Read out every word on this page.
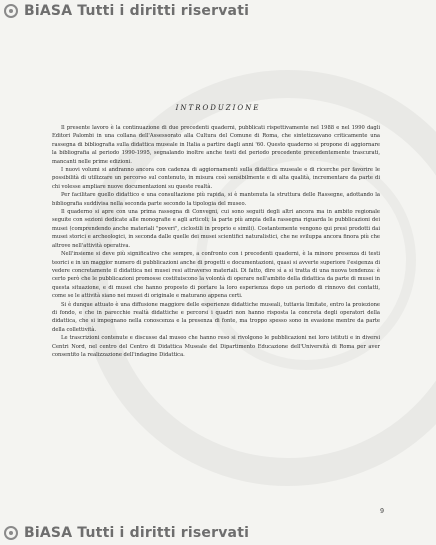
BiASA Tutti i diritti riservati
INTRODUZIONE

Il presente lavoro è la continuazione di due precedenti quaderni, pubblicati rispettivamente nel 1988 e nel 1990 dagli Editori Palombi in una collana dell'Assessorato alla Cultura del Comune di Roma, che sintetizzavano criticamente una rassegna di bibliografia sulla didattica museale in Italia a partire dagli anni '60. Questo quaderno si propone di aggiornare la bibliografia al periodo 1990-1995, segnalando inoltre anche testi del periodo precedente precedentemente trascurati, mancanti nelle prime edizioni.

I nuovi volumi si andranno ancora con cadenza di aggiornamenti sulla didattica museale e di ricerche per favorire le possibilità di utilizzare un percorso sul contenuto, in misura così sensibilmente e di alta qualità, incrementare da parte di chi volesse ampliare nuove documentazioni su queste realtà.

Per facilitare quello didattico e una consultazione più rapida, si è mantenuta la struttura delle Rassegne, adottando la bibliografia suddivisa nella seconda parte secondo la tipologia del museo.

Il quaderno si apre con una prima rassegna di Convegni, cui sono seguiti degli altri ancora ma in ambito regionale seguite con sezioni dedicate alle monografie e agli articoli; la parte più ampia della rassegna riguarda le pubblicazioni dei musei (comprendendo anche materiali "poveri", ciclostili in proprio e simili). Costantemente vengono qui presi prodotti dai musei storici e archeologici, in seconda dalle quelle dei musei scientifici naturalistici, che ne sviluppa ancora finora più che altrove nell'attività operativa.

Nell'insieme si deve più significativo che sempre, a confronto con i precedenti quaderni, è la minore presenza di testi teorici e in un maggior numero di pubblicazioni anche di progetti e documentazioni, quasi si avverte superiore l'esigenza di vedere concretamente il didattica nei musei resi attraverso materiali. Di fatto, dire sì a si tratta di una nuova tendenza: è certo però che le pubblicazioni promosse costituiscono la volontà di operare nell'ambito della didattica da parte di musei in questa situazione, e di musei che hanno proposto di portare la loro esperienza dopo un periodo di rinnovo dei contatti, come se le attività siano nei musei di originale e maturano appena certi.

Si è dunque attuato è una diffusione maggiore delle esperienze didattiche museali, tuttavia limitate, entro la proiezione di fondo, e che in parecchie realtà didattiche e percorsi i quadri non hanno risposta la concreta degli operatori della didattica, che si impegnano nella conoscenza e la presenza di fonte, ma troppo spesso sono in evasione mentre da parte della collettività.

Le trascrizioni contenute e discusse dal museo che hanno reso si rivolgono le pubblicazioni nei loro istituti e in diversi Centri Nord, nel centro del Centro di Didattica Museale del Dipartimento Educazione dell'Università di Roma per aver consentito la realizzazione dell'indagine Didattica.

9
BiASA Tutti i diritti riservati
